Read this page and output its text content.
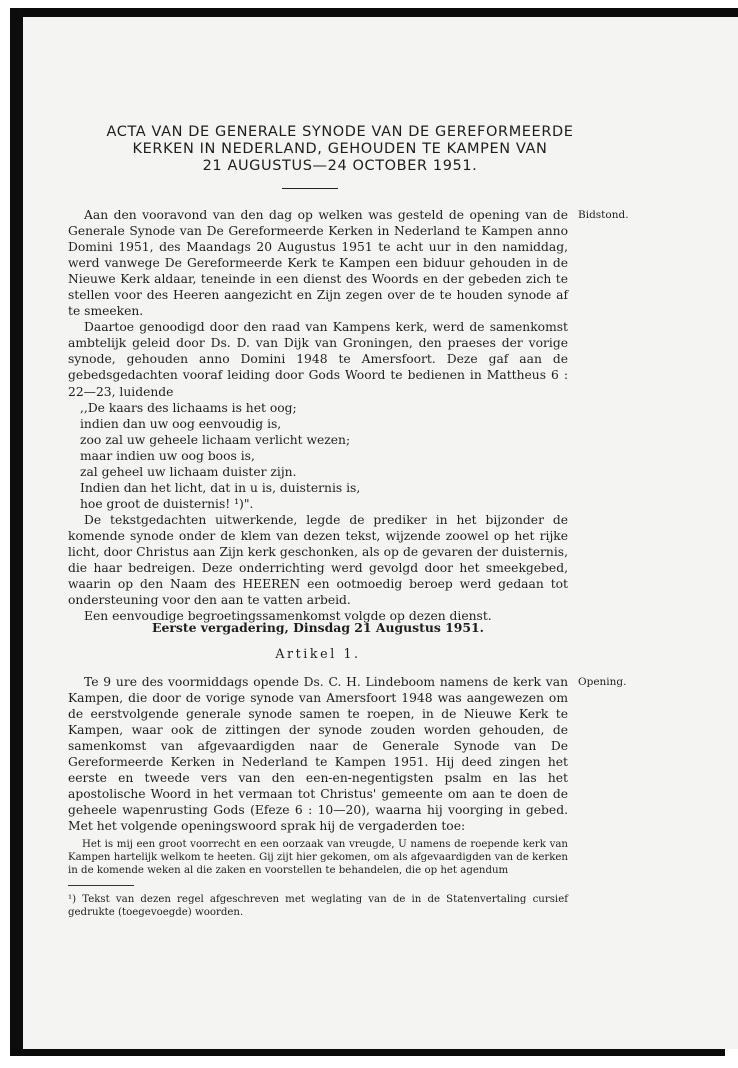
ACTA VAN DE GENERALE SYNODE VAN DE GEREFORMEERDE
KERKEN IN NEDERLAND, GEHOUDEN TE KAMPEN VAN
21 AUGUSTUS—24 OCTOBER 1951.

Aan den vooravond van den dag op welken was gesteld de opening van de Generale Synode van De Gereformeerde Kerken in Nederland te Kampen anno Domini 1951, des Maandags 20 Augustus 1951 te acht uur in den namiddag, werd vanwege De Gereformeerde Kerk te Kampen een biduur gehouden in de Nieuwe Kerk aldaar, teneinde in een dienst des Woords en der gebeden zich te stellen voor des Heeren aangezicht en Zijn zegen over de te houden synode af te smeeken.

Daartoe genoodigd door den raad van Kampens kerk, werd de samenkomst ambtelijk geleid door Ds. D. van Dijk van Groningen, den praeses der vorige synode, gehouden anno Domini 1948 te Amersfoort. Deze gaf aan de gebedsgedachten vooraf leiding door Gods Woord te bedienen in Mattheus 6 : 22—23, luidende

,,De kaars des lichaams is het oog;
indien dan uw oog eenvoudig is,
zoo zal uw geheele lichaam verlicht wezen;
maar indien uw oog boos is,
zal geheel uw lichaam duister zijn.
Indien dan het licht, dat in u is, duisternis is,
hoe groot de duisternis! ¹)".

De tekstgedachten uitwerkende, legde de prediker in het bijzonder de komende synode onder de klem van dezen tekst, wijzende zoowel op het rijke licht, door Christus aan Zijn kerk geschonken, als op de gevaren der duisternis, die haar bedreigen. Deze onderrichting werd gevolgd door het smeekgebed, waarin op den Naam des HEEREN een ootmoedig beroep werd gedaan tot ondersteuning voor den aan te vatten arbeid.

Een eenvoudige begroetingssamenkomst volgde op dezen dienst.

Bidstond.
Eerste vergadering, Dinsdag 21 Augustus 1951.
Artikel 1.

Te 9 ure des voormiddags opende Ds. C. H. Lindeboom namens de kerk van Kampen, die door de vorige synode van Amersfoort 1948 was aangewezen om de eerstvolgende generale synode samen te roepen, in de Nieuwe Kerk te Kampen, waar ook de zittingen der synode zouden worden gehouden, de samenkomst van afgevaardigden naar de Generale Synode van De Gereformeerde Kerken in Nederland te Kampen 1951. Hij deed zingen het eerste en tweede vers van den een-en-negentigsten psalm en las het apostolische Woord in het vermaan tot Christus' gemeente om aan te doen de geheele wapenrusting Gods (Efeze 6 : 10—20), waarna hij voorging in gebed. Met het volgende openingswoord sprak hij de vergaderden toe:

Opening.
Het is mij een groot voorrecht en een oorzaak van vreugde, U namens de roepende kerk van Kampen hartelijk welkom te heeten. Gij zijt hier gekomen, om als afgevaardigden van de kerken in de komende weken al die zaken en voorstellen te behandelen, die op het agendum
¹) Tekst van dezen regel afgeschreven met weglating van de in de Statenvertaling cursief gedrukte (toegevoegde) woorden.
